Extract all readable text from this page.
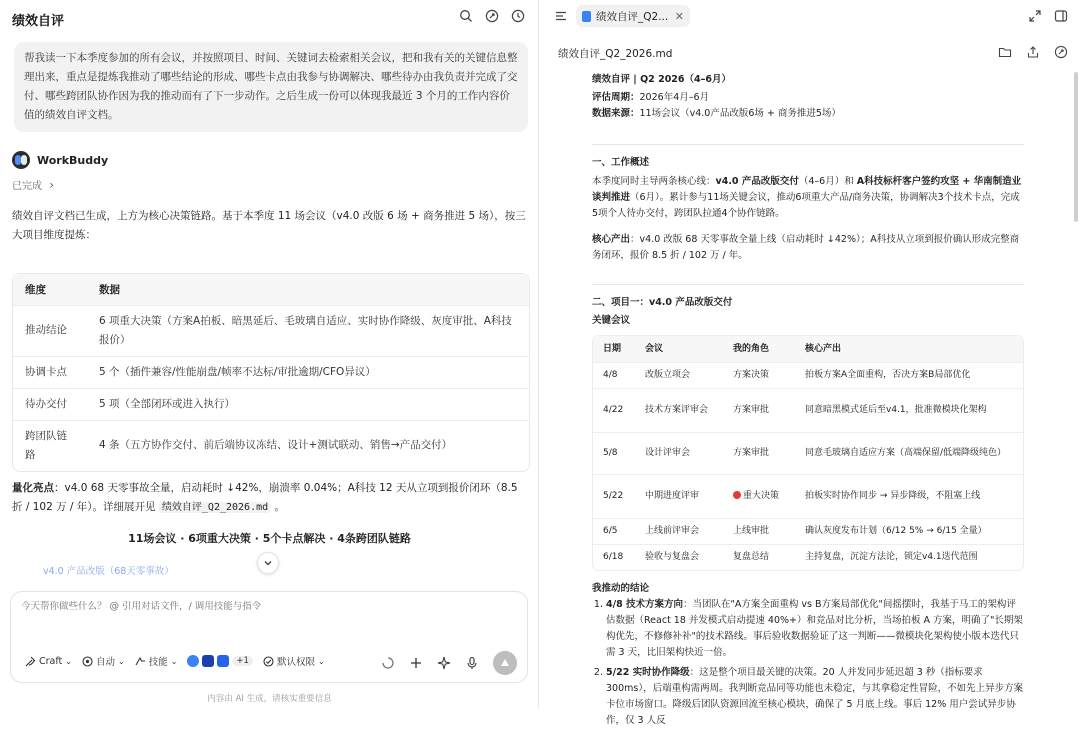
绩效自评
帮我读一下本季度参加的所有会议，并按照项目、时间、关键词去检索相关会议，把和我有关的关键信息整理出来，重点是提炼我推动了哪些结论的形成、哪些卡点由我参与协调解决、哪些待办由我负责并完成了交付、哪些跨团队协作因为我的推动而有了下一步动作。之后生成一份可以体现我最近 3 个月的工作内容价值的绩效自评文档。
WorkBuddy
已完成 ›
绩效自评文档已生成，上方为核心决策链路。基于本季度 11 场会议（v4.0 改版 6 场 + 商务推进 5 场），按三大项目维度提炼：
维度	数据
推动结论	6 项重大决策（方案A拍板、暗黑延后、毛玻璃自适应、实时协作降级、灰度审批、A科技报价）
协调卡点	5 个（插件兼容/性能崩盘/帧率不达标/审批逾期/CFO异议）
待办交付	5 项（全部闭环或进入执行）
跨团队链路	4 条（五方协作交付、前后端协议冻结、设计+测试联动、销售→产品交付）
量化亮点：v4.0 68 天零事故全量，启动耗时 ↓42%，崩溃率 0.04%；A科技 12 天从立项到报价闭环（8.5 折 / 102 万 / 年）。详细展开见 绩效自评_Q2_2026.md 。
11场会议 · 6项重大决策 · 5个卡点解决 · 4条跨团队链路
v4.0 产品改版（68天零事故）
今天帮你做些什么？ @ 引用对话文件，/ 调用技能与指令
Craft ⌄	自动 ⌄	技能 ⌄	+1	默认权限 ⌄
内容由 AI 生成，请核实重要信息
绩效自评_Q2... ✕
绩效自评_Q2_2026.md
绩效自评 | Q2 2026（4–6月）
评估周期：2026年4月–6月
数据来源：11场会议（v4.0产品改版6场 + 商务推进5场）
一、工作概述
本季度同时主导两条核心线：v4.0 产品改版交付（4–6月）和 A科技标杆客户签约攻坚 + 华南制造业谈判推进（6月）。累计参与11场关键会议，推动6项重大产品/商务决策，协调解决3个技术卡点，完成5项个人待办交付，跨团队拉通4个协作链路。
核心产出：v4.0 改版 68 天零事故全量上线（启动耗时 ↓42%）；A科技从立项到报价确认形成完整商务闭环，报价 8.5 折 / 102 万 / 年。
二、项目一：v4.0 产品改版交付
关键会议
日期	会议	我的角色	核心产出
4/8	改版立项会	方案决策	拍板方案A全面重构，否决方案B局部优化
4/22	技术方案评审会	方案审批	同意暗黑模式延后至v4.1，批准微模块化架构
5/8	设计评审会	方案审批	同意毛玻璃自适应方案（高端保留/低端降级纯色）
5/22	中期进度评审	重大决策	拍板实时协作同步 → 异步降级，不阻塞上线
6/5	上线前评审会	上线审批	确认灰度发布计划（6/12 5% → 6/15 全量）
6/18	验收与复盘会	复盘总结	主持复盘，沉淀方法论，锁定v4.1迭代范围
我推动的结论
1. 4/8 技术方案方向：当团队在"A方案全面重构 vs B方案局部优化"间摇摆时，我基于马工的架构评估数据（React 18 并发模式启动提速 40%+）和竞品对比分析，当场拍板 A 方案，明确了"长期架构优先，不修修补补"的技术路线。事后验收数据验证了这一判断——微模块化架构使小版本迭代只需 3 天，比旧架构快近一倍。
2. 5/22 实时协作降级：这是整个项目最关键的决策。20 人并发同步延迟超 3 秒（指标要求 300ms），后端重构需两周。我判断竞品同等功能也未稳定，与其拿稳定性冒险，不如先上异步方案卡位市场窗口。降级后团队资源回流至核心模块，确保了 5 月底上线。事后 12% 用户尝试异步协作，仅 3 人反
